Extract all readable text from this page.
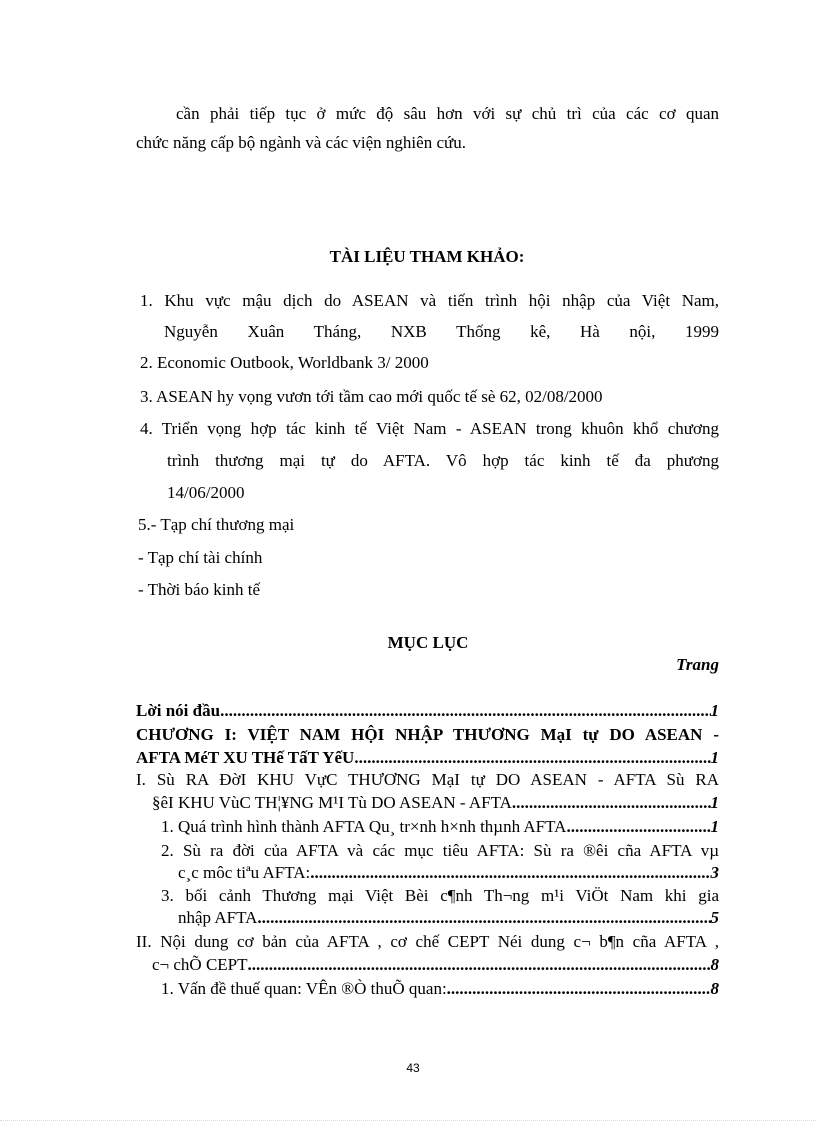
cần phải tiếp tục ở mức độ sâu hơn với sự chủ trì của các cơ quan
chức năng cấp bộ ngành và các viện nghiên cứu.
TÀI LIỆU THAM KHẢO:
1. Khu vực mậu dịch do ASEAN và tiến trình hội nhập của Việt Nam,
Nguyễn Xuân Tháng, NXB Thống kê, Hà nội, 1999
2. Economic Outbook, Worldbank 3/ 2000
3. ASEAN hy vọng vươn tới tầm cao mới quốc tế sè 62, 02/08/2000
4. Triển vọng hợp tác kinh tế Việt Nam - ASEAN trong khuôn khổ chương
trình thương mại tự do AFTA. Vô hợp tác kinh tế đa phương
14/06/2000
5.- Tạp chí thương mại
- Tạp chí tài chính
- Thời báo kinh tế
MỤC LỤC
Trang
Lời nói đầu .....	1
CHƯƠNG I: VIỆT NAM HỘI NHẬP THƯƠNG MạI tự DO ASEAN -
AFTA MéT XU THế TấT YếU .....	1
I. Sù RA ĐờI KHU VựC THƯƠNG MạI tự DO ASEAN - AFTA Sù RA
§êI KHU VùC TH¦¥NG M¹I Tù DO ASEAN - AFTA .....	1
1. Quá trình hình thành AFTA Qu¸ tr×nh h×nh thµnh AFTA .....	1
2. Sù ra đời của AFTA và các mục tiêu AFTA: Sù ra ®êi cña AFTA vµ
c¸c môc tiªu AFTA: .....	3
3. bối cảnh Thương mại Việt Bèi c¶nh Th¬ng m¹i ViÖt Nam khi gia
nhập AFTA .....	5
II. Nội dung cơ bản của AFTA , cơ chế CEPT Néi dung c¬ b¶n cña AFTA ,
c¬ chÕ CEPT .....	8
1. Vấn đề thuế quan: VÊn ®Ò thuÕ quan: .....	8
43
